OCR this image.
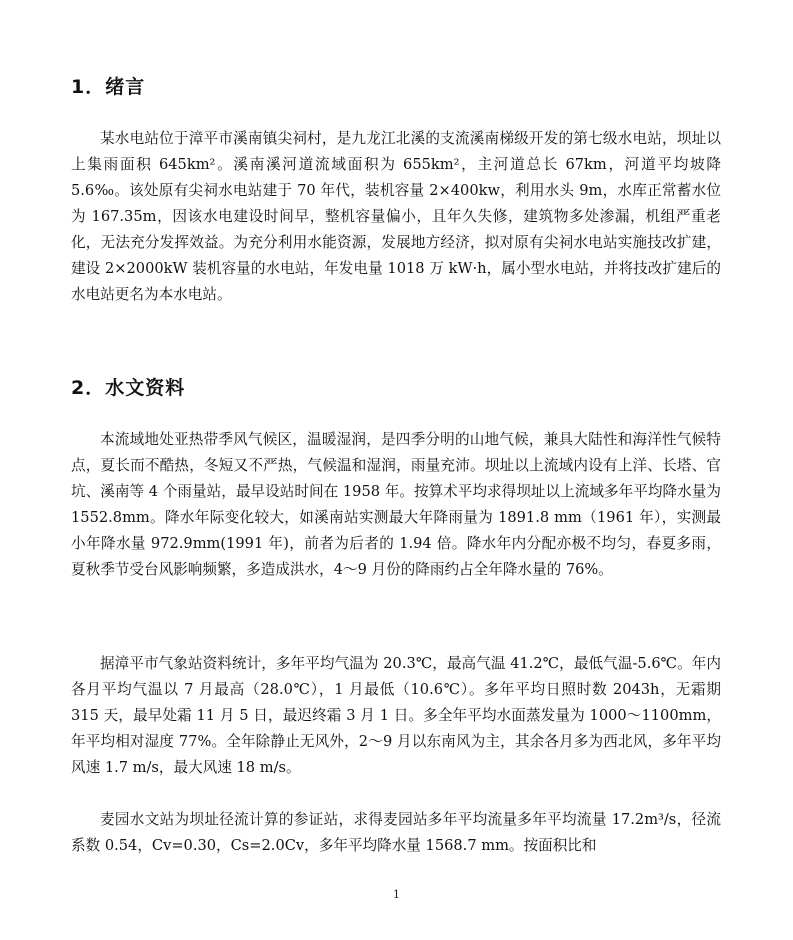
1．绪言

某水电站位于漳平市溪南镇尖祠村，是九龙江北溪的支流溪南梯级开发的第七级水电站，坝址以上集雨面积 645km²。溪南溪河道流域面积为 655km²，主河道总长 67km，河道平均坡降 5.6‰。该处原有尖祠水电站建于 70 年代，装机容量 2×400kw，利用水头 9m，水库正常蓄水位为 167.35m，因该水电建设时间早，整机容量偏小，且年久失修，建筑物多处渗漏，机组严重老化，无法充分发挥效益。为充分利用水能资源，发展地方经济，拟对原有尖祠水电站实施技改扩建，建设 2×2000kW 装机容量的水电站，年发电量 1018 万 kW·h，属小型水电站，并将技改扩建后的水电站更名为本水电站。

2．水文资料

本流域地处亚热带季风气候区，温暖湿润，是四季分明的山地气候，兼具大陆性和海洋性气候特点，夏长而不酷热，冬短又不严热，气候温和湿润，雨量充沛。坝址以上流域内设有上洋、长塔、官坑、溪南等 4 个雨量站，最早设站时间在 1958 年。按算术平均求得坝址以上流域多年平均降水量为 1552.8mm。降水年际变化较大，如溪南站实测最大年降雨量为 1891.8 mm（1961 年），实测最小年降水量 972.9mm(1991 年)，前者为后者的 1.94 倍。降水年内分配亦极不均匀，春夏多雨，夏秋季节受台风影响频繁，多造成洪水，4～9 月份的降雨约占全年降水量的 76%。

据漳平市气象站资料统计，多年平均气温为 20.3℃，最高气温 41.2℃，最低气温-5.6℃。年内各月平均气温以 7 月最高（28.0℃），1 月最低（10.6℃）。多年平均日照时数 2043h，无霜期 315 天，最早处霜 11 月 5 日，最迟终霜 3 月 1 日。多全年平均水面蒸发量为 1000～1100mm，年平均相对湿度 77%。全年除静止无风外，2～9 月以东南风为主，其余各月多为西北风，多年平均风速 1.7 m/s，最大风速 18 m/s。

麦园水文站为坝址径流计算的参证站，求得麦园站多年平均流量多年平均流量 17.2m³/s，径流系数 0.54，Cv=0.30，Cs=2.0Cv，多年平均降水量 1568.7 mm。按面积比和

1
